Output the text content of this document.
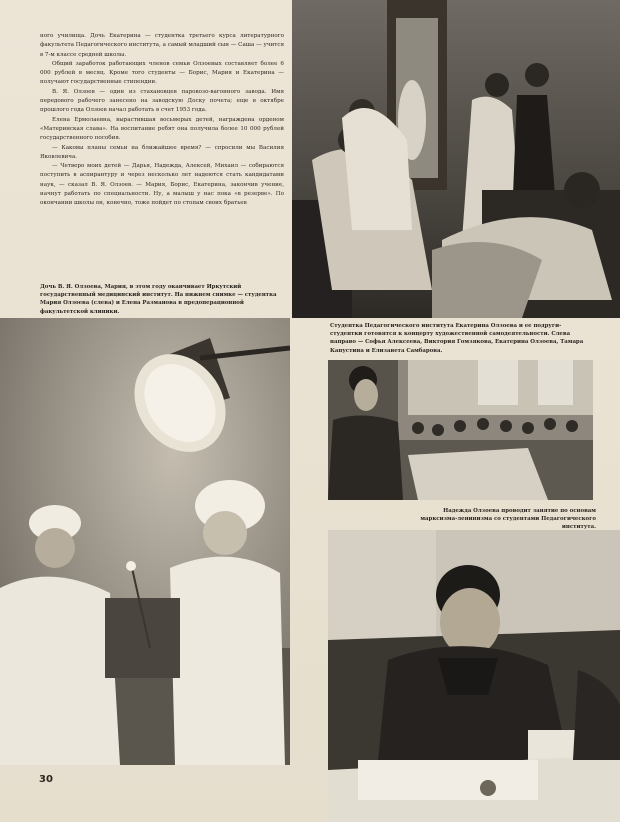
ного училища. Дочь Екатерина — студентка третьего курса литературного факультета Педагогического института, а самый младший сын — Саша — учится в 7-м классе средней школы.

Общий заработок работающих членов семьи Олзоевых составляет более 6 000 рублей в месяц. Кроме того студенты — Борис, Мария и Екатерина — получают государственные стипендии.

В. Я. Олзоев — один из стахановцев паровозо-вагонного завода. Имя передового рабочего занесено на заводскую Доску почета; еще в октябре прошлого года Олзоев начал работать в счет 1953 года.

Елена Ермолаевна, вырастившая восьмерых детей, награждена орденом «Материнская слава». На воспитание ребят она получила более 10 000 рублей государственного пособия.

— Каковы планы семьи на ближайшее время? — спросили мы Василия Яковлевича.

— Четверо моих детей — Дарья, Надежда, Алексей, Михаил — собираются поступить в аспирантуру и через несколько лет надеются стать кандидатами наук, — сказал В. Я. Олзоев. — Мария, Борис, Екатерина, закончив учение, начнут работать по специальности. Ну, а малыш у нас пока «в резерве». По окончании школы он, конечно, тоже пойдет по стопам своих братьев

Дочь В. Я. Олзоева, Мария, в этом году оканчивает Иркутский государственный медицинский институт. На нижнем снимке — студентка Мария Олзоева (слева) и Елена Разманова в предоперационной факультетской клиники.
Студентка Педагогического института Екатерина Олзоева и ее подруги-студентки готовятся к концерту художественной самодеятельности. Слева направо — Софья Алексеева, Виктория Гомзякова, Екатерина Олзоева, Тамара Капустина и Елизавета Самбарова.
Надежда Олзоева проводит занятие по основам марксизма-ленинизма со студентами Педагогического института.
30
